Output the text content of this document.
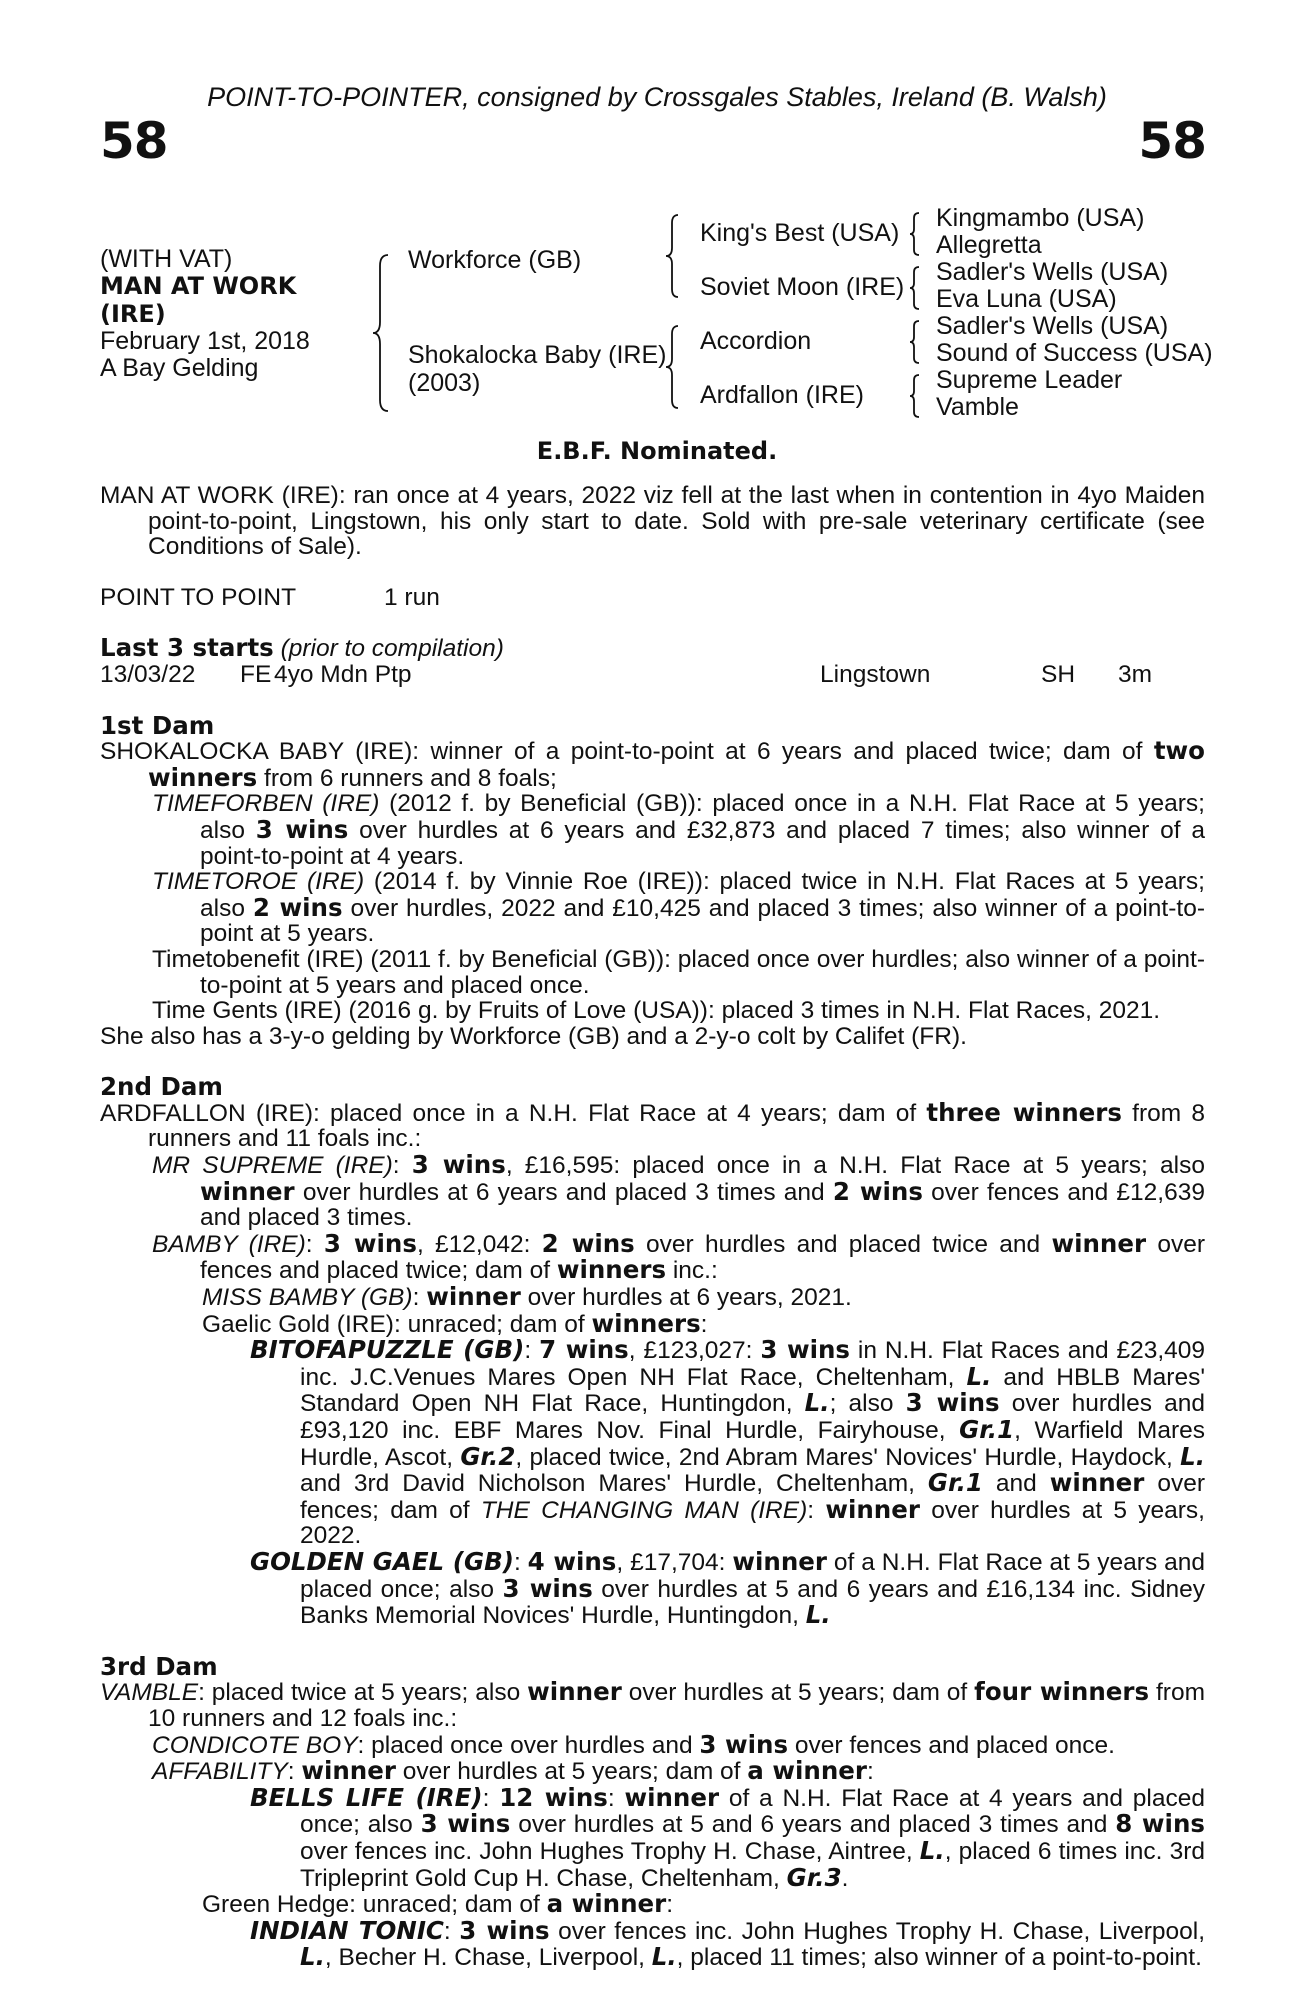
58	58
POINT-TO-POINTER, consigned by Crossgales Stables, Ireland (B. Walsh)
(WITH VAT)
MAN AT WORK
(IRE)
February 1st, 2018
A Bay Gelding
Workforce (GB)
Shokalocka Baby (IRE)
(2003)
King's Best (USA)
Soviet Moon (IRE)
Accordion
Ardfallon (IRE)
Kingmambo (USA)
Allegretta
Sadler's Wells (USA)
Eva Luna (USA)
Sadler's Wells (USA)
Sound of Success (USA)
Supreme Leader
Vamble
E.B.F. Nominated.

MAN AT WORK (IRE): ran once at 4 years, 2022 viz fell at the last when in contention in 4yo Maiden point-to-point, Lingstown, his only start to date. Sold with pre-sale veterinary certificate (see Conditions of Sale).

POINT TO POINT	1 run
Last 3 starts (prior to compilation)
13/03/22	FE 4yo Mdn Ptp	Lingstown	SH	3m
1st Dam

SHOKALOCKA BABY (IRE): winner of a point-to-point at 6 years and placed twice; dam of two winners from 6 runners and 8 foals;

TIMEFORBEN (IRE) (2012 f. by Beneficial (GB)): placed once in a N.H. Flat Race at 5 years; also 3 wins over hurdles at 6 years and £32,873 and placed 7 times; also winner of a point-to-point at 4 years.

TIMETOROE (IRE) (2014 f. by Vinnie Roe (IRE)): placed twice in N.H. Flat Races at 5 years; also 2 wins over hurdles, 2022 and £10,425 and placed 3 times; also winner of a point-to-point at 5 years.

Timetobenefit (IRE) (2011 f. by Beneficial (GB)): placed once over hurdles; also winner of a point-to-point at 5 years and placed once.

Time Gents (IRE) (2016 g. by Fruits of Love (USA)): placed 3 times in N.H. Flat Races, 2021.

She also has a 3-y-o gelding by Workforce (GB) and a 2-y-o colt by Califet (FR).

2nd Dam

ARDFALLON (IRE): placed once in a N.H. Flat Race at 4 years; dam of three winners from 8 runners and 11 foals inc.:

MR SUPREME (IRE): 3 wins, £16,595: placed once in a N.H. Flat Race at 5 years; also winner over hurdles at 6 years and placed 3 times and 2 wins over fences and £12,639 and placed 3 times.

BAMBY (IRE): 3 wins, £12,042: 2 wins over hurdles and placed twice and winner over fences and placed twice; dam of winners inc.:

MISS BAMBY (GB): winner over hurdles at 6 years, 2021.

Gaelic Gold (IRE): unraced; dam of winners:

BITOFAPUZZLE (GB): 7 wins, £123,027: 3 wins in N.H. Flat Races and £23,409 inc. J.C.Venues Mares Open NH Flat Race, Cheltenham, L. and HBLB Mares' Standard Open NH Flat Race, Huntingdon, L.; also 3 wins over hurdles and £93,120 inc. EBF Mares Nov. Final Hurdle, Fairyhouse, Gr.1, Warfield Mares Hurdle, Ascot, Gr.2, placed twice, 2nd Abram Mares' Novices' Hurdle, Haydock, L. and 3rd David Nicholson Mares' Hurdle, Cheltenham, Gr.1 and winner over fences; dam of THE CHANGING MAN (IRE): winner over hurdles at 5 years, 2022.

GOLDEN GAEL (GB): 4 wins, £17,704: winner of a N.H. Flat Race at 5 years and placed once; also 3 wins over hurdles at 5 and 6 years and £16,134 inc. Sidney Banks Memorial Novices' Hurdle, Huntingdon, L.

3rd Dam

VAMBLE: placed twice at 5 years; also winner over hurdles at 5 years; dam of four winners from 10 runners and 12 foals inc.:

CONDICOTE BOY: placed once over hurdles and 3 wins over fences and placed once.

AFFABILITY: winner over hurdles at 5 years; dam of a winner:

BELLS LIFE (IRE): 12 wins: winner of a N.H. Flat Race at 4 years and placed once; also 3 wins over hurdles at 5 and 6 years and placed 3 times and 8 wins over fences inc. John Hughes Trophy H. Chase, Aintree, L., placed 6 times inc. 3rd Tripleprint Gold Cup H. Chase, Cheltenham, Gr.3.

Green Hedge: unraced; dam of a winner:

INDIAN TONIC: 3 wins over fences inc. John Hughes Trophy H. Chase, Liverpool, L., Becher H. Chase, Liverpool, L., placed 11 times; also winner of a point-to-point.
